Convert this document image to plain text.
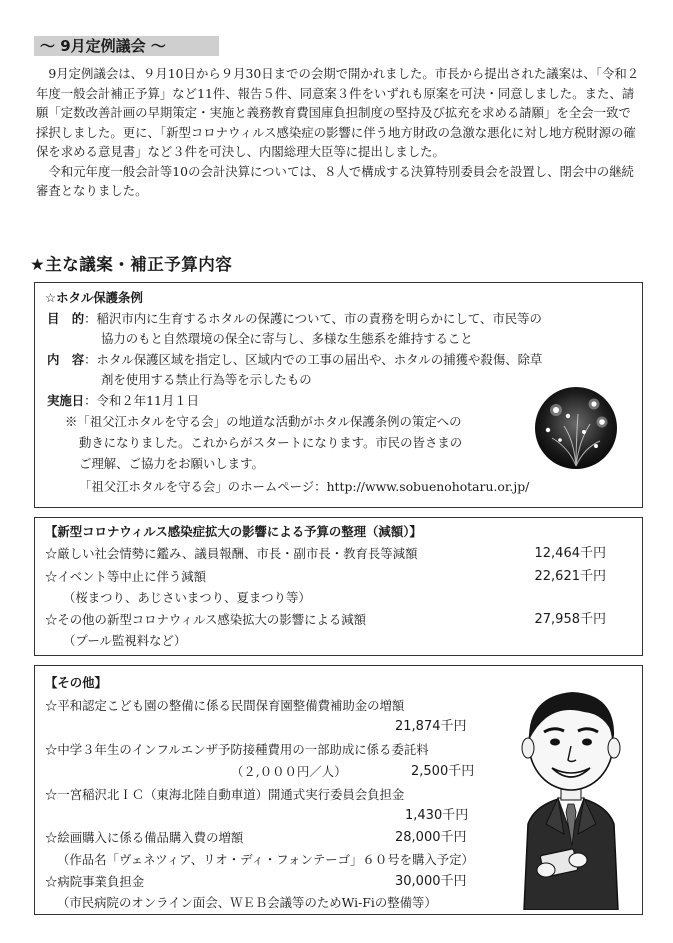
～ 9月定例議会 ～

9月定例議会は、９月10日から９月30日までの会期で開かれました。市長から提出された議案は、「令和２年度一般会計補正予算」など11件、報告５件、同意案３件をいずれも原案を可決・同意しました。また、請願「定数改善計画の早期策定・実施と義務教育費国庫負担制度の堅持及び拡充を求める請願」を全会一致で採択しました。更に、「新型コロナウィルス感染症の影響に伴う地方財政の急激な悪化に対し地方税財源の確保を求める意見書」など３件を可決し、内閣総理大臣等に提出しました。

令和元年度一般会計等10の会計決算については、８人で構成する決算特別委員会を設置し、閉会中の継続審査となりました。

★主な議案・補正予算内容
☆ホタル保護条例
目　的：稲沢市内に生育するホタルの保護について、市の責務を明らかにして、市民等の
協力のもと自然環境の保全に寄与し、多様な生態系を維持すること
内　容：ホタル保護区域を指定し、区域内での工事の届出や、ホタルの捕獲や殺傷、除草
剤を使用する禁止行為等を示したもの
実施日：令和２年11月１日
※「祖父江ホタルを守る会」の地道な活動がホタル保護条例の策定への
動きになりました。これからがスタートになります。市民の皆さまの
ご理解、ご協力をお願いします。
「祖父江ホタルを守る会」のホームページ：http://www.sobuenohotaru.or.jp/
【新型コロナウィルス感染症拡大の影響による予算の整理（減額）】
☆厳しい社会情勢に鑑み、議員報酬、市長・副市長・教育長等減額	12,464千円
☆イベント等中止に伴う減額	22,621千円
（桜まつり、あじさいまつり、夏まつり等）
☆その他の新型コロナウィルス感染拡大の影響による減額	27,958千円
（プール監視料など）
【その他】
☆平和認定こども園の整備に係る民間保育園整備費補助金の増額
21,874千円
☆中学３年生のインフルエンザ予防接種費用の一部助成に係る委託料
（２,０００円／人）	2,500千円
☆一宮稲沢北ＩＣ（東海北陸自動車道）開通式実行委員会負担金
1,430千円
☆絵画購入に係る備品購入費の増額	28,000千円
（作品名「ヴェネツィア、リオ・ディ・フォンテーゴ」６０号を購入予定）
☆病院事業負担金	30,000千円
（市民病院のオンライン面会、ＷＥＢ会議等のためWi-Fiの整備等）
